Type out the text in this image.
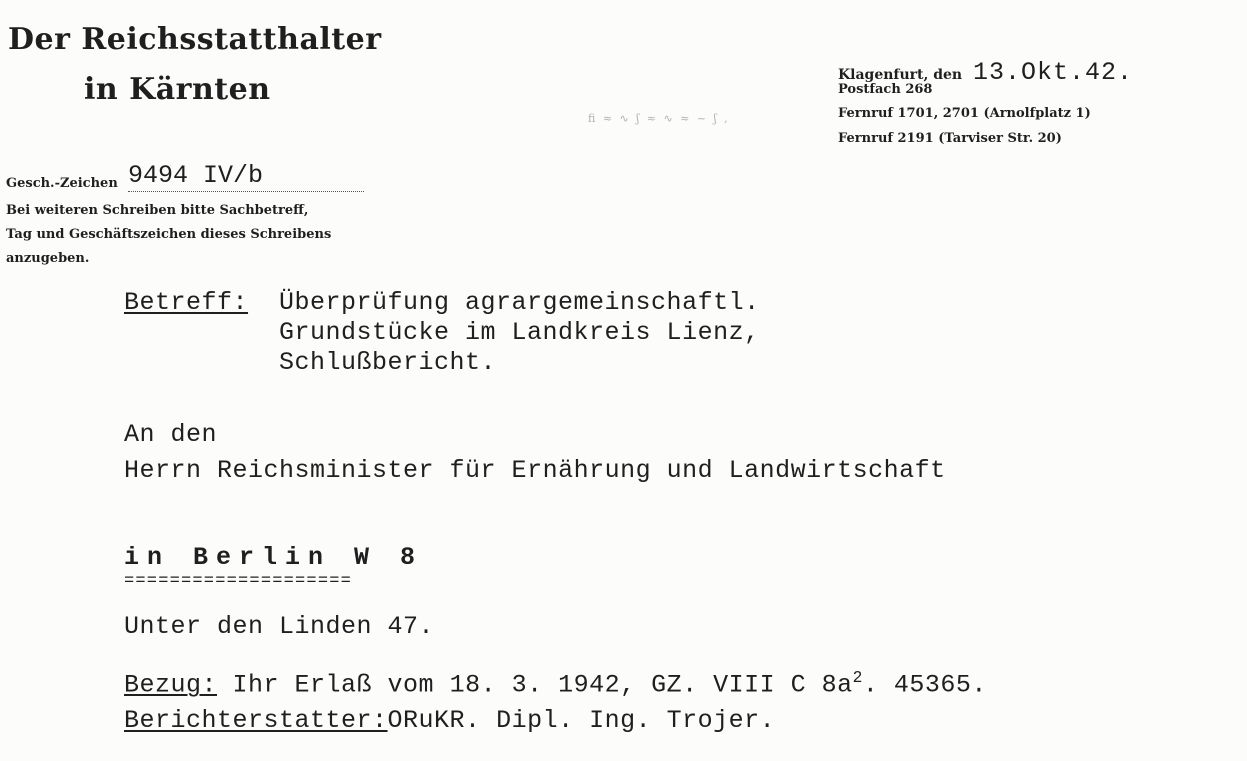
Der Reichsstatthalter
in Kärnten
ﬁ ≈ ∿ ʃ ≈ ∿ ≈ ~ ʃ ,
Klagenfurt, den 13.Okt.42.
Postfach 268
Fernruf 1701, 2701 (Arnolfplatz 1)
Fernruf 2191 (Tarviser Str. 20)
Gesch.-Zeichen 9494 IV/b
Bei weiteren Schreiben bitte Sachbetreff,
Tag und Geschäftszeichen dieses Schreibens
anzugeben.
Betreff: Überprüfung agrargemeinschaftl.
Grundstücke im Landkreis Lienz,
Schlußbericht.
An den
Herrn Reichsminister für Ernährung und Landwirtschaft
in Berlin W 8
====================
Unter den Linden 47.
Bezug: Ihr Erlaß vom 18. 3. 1942, GZ. VIII C $8a^2$. 45365.
Berichterstatter:ORuKR. Dipl. Ing. Trojer.
